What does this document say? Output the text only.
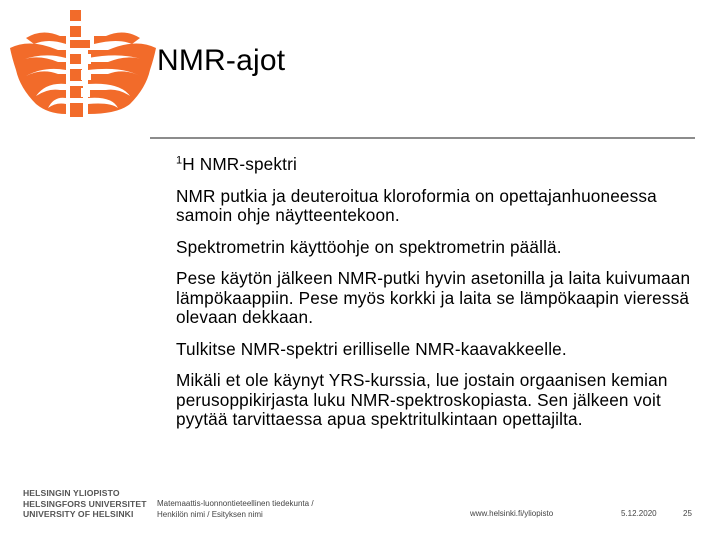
NMR-ajot

$^1$H NMR-spektri

NMR putkia ja deuteroitua kloroformia on opettajanhuoneessa samoin ohje näytteentekoon.

Spektrometrin käyttöohje on spektrometrin päällä.

Pese käytön jälkeen NMR-putki hyvin asetonilla ja laita kuivumaan lämpökaappiin. Pese myös korkki ja laita se lämpökaapin vieressä olevaan dekkaan.

Tulkitse NMR-spektri erilliselle NMR-kaavakkeelle.

Mikäli et ole käynyt YRS-kurssia, lue jostain orgaanisen kemian perusoppikirjasta luku NMR-spektroskopiasta. Sen jälkeen voit pyytää tarvittaessa apua spektritulkintaan opettajilta.

HELSINGIN YLIOPISTO
HELSINGFORS UNIVERSITET
UNIVERSITY OF HELSINKI
Matemaattis-luonnontieteellinen tiedekunta /
Henkilön nimi / Esityksen nimi	www.helsinki.fi/yliopisto	5.12.2020	25
